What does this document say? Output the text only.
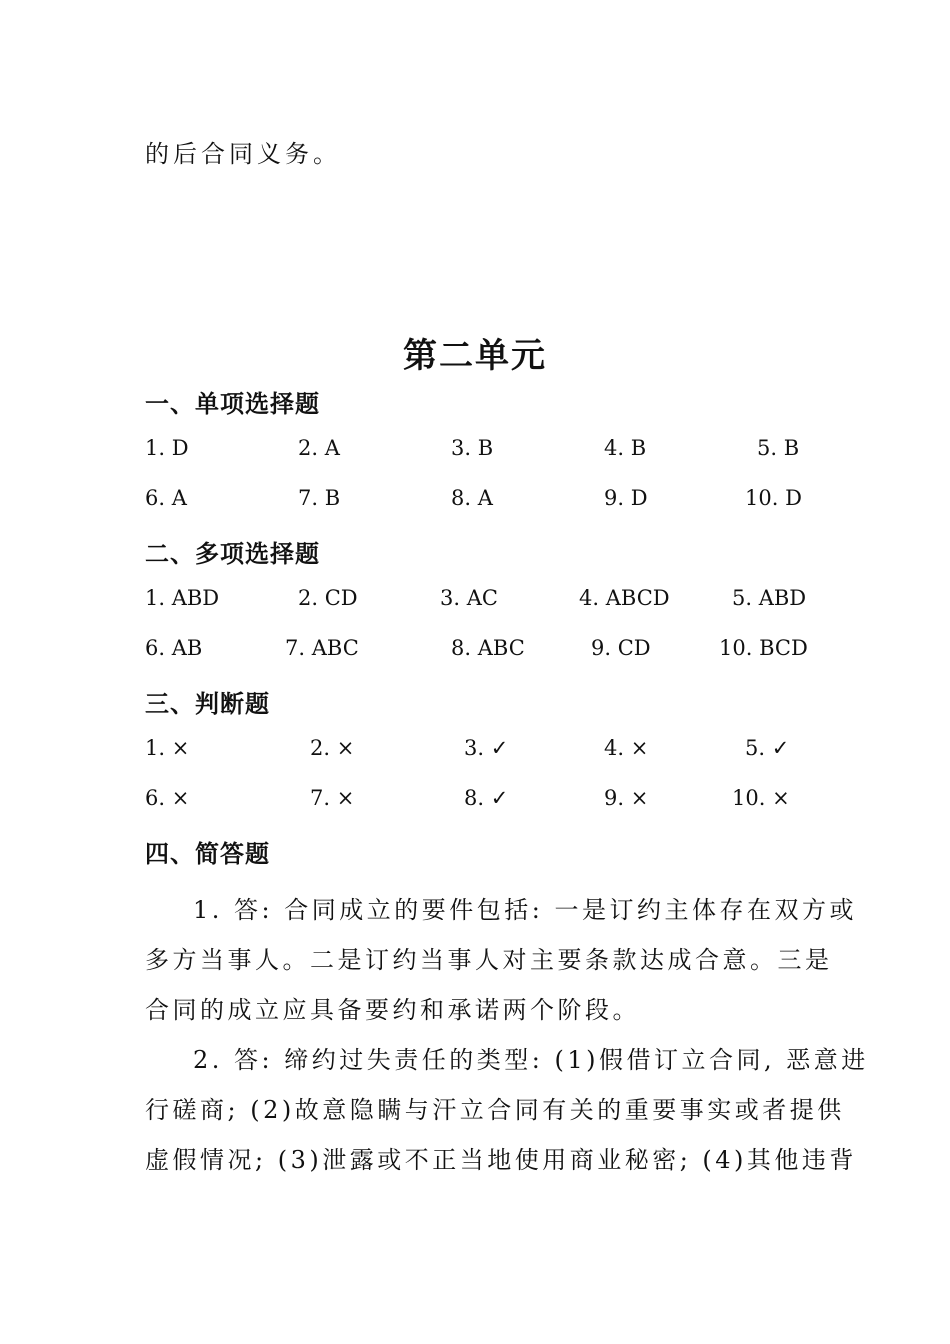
的后合同义务。
第二单元
一、单项选择题
1. D	2. A	3. B	4. B	5. B
6. A	7. B	8. A	9. D	10. D
二、多项选择题
1. ABD	2. CD	3. AC	4. ABCD	5. ABD
6. AB	7. ABC	8. ABC	9. CD	10. BCD
三、判断题
1. ×	2. ×	3. ✓	4. ×	5. ✓
6. ×	7. ×	8. ✓	9. ×	10. ×
四、简答题
1. 答: 合同成立的要件包括: 一是订约主体存在双方或
多方当事人。二是订约当事人对主要条款达成合意。三是
合同的成立应具备要约和承诺两个阶段。
2. 答: 缔约过失责任的类型: (1)假借订立合同, 恶意进
行磋商; (2)故意隐瞒与汗立合同有关的重要事实或者提供
虚假情况; (3)泄露或不正当地使用商业秘密; (4)其他违背
